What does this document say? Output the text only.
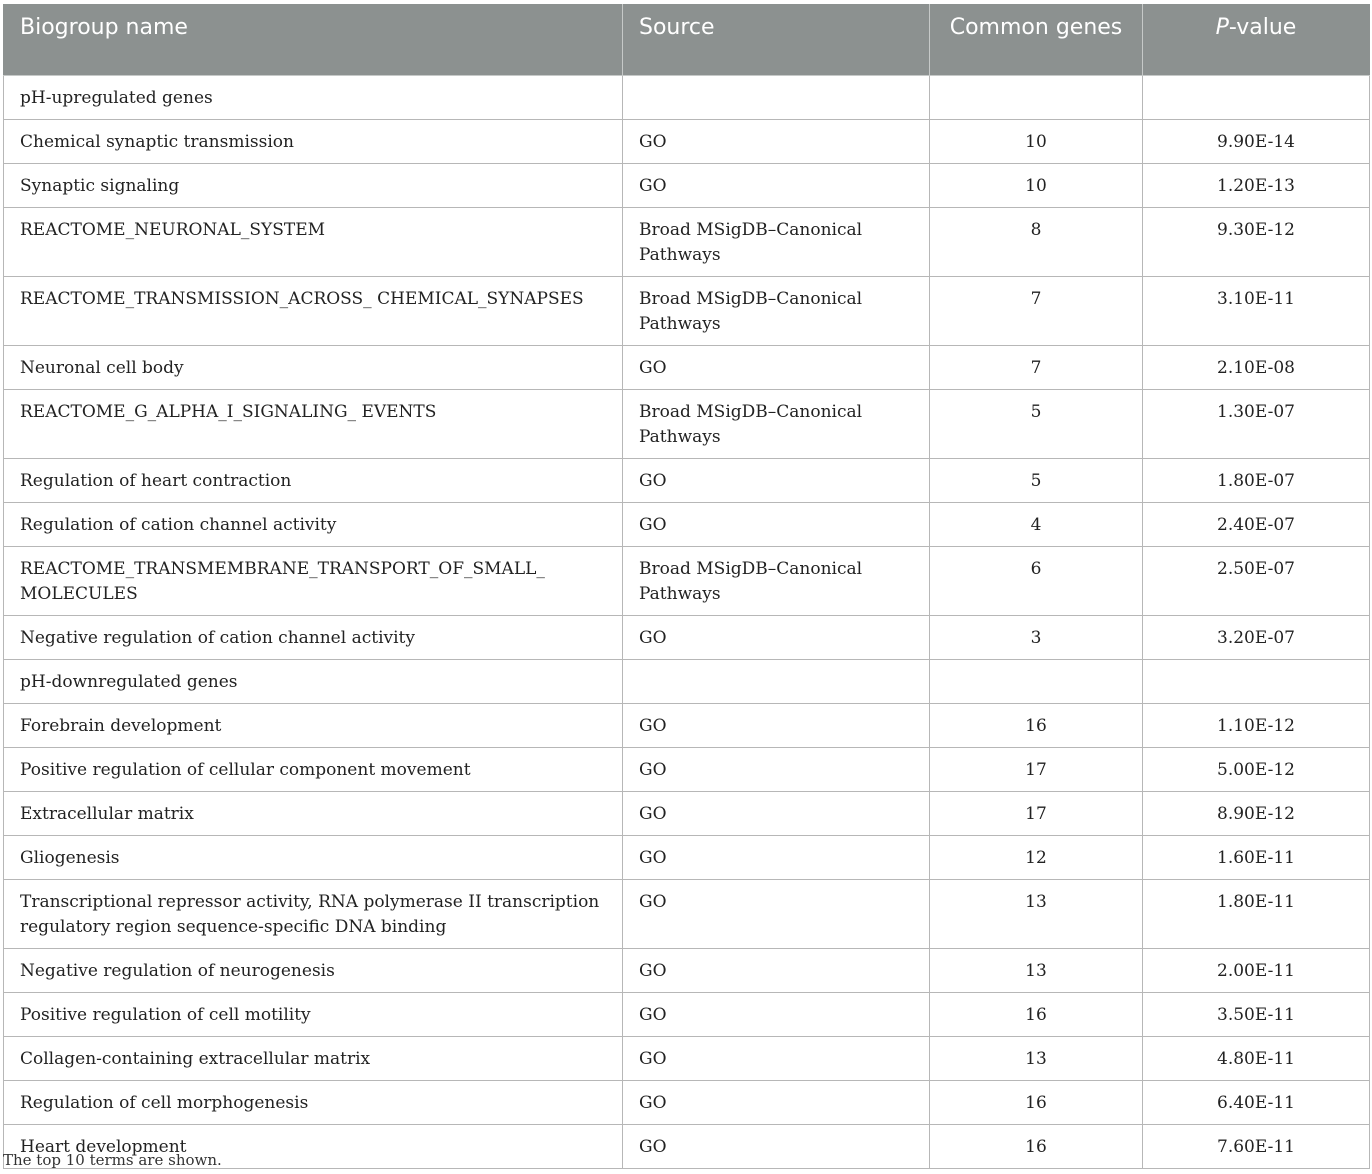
Biogroup name	Source	Common genes	P-value

pH-upregulated genes			
Chemical synaptic transmission	GO	10	9.90E-14
Synaptic signaling	GO	10	1.20E-13
REACTOME_NEURONAL_SYSTEM	Broad MSigDB–Canonical Pathways	8	9.30E-12
REACTOME_TRANSMISSION_ACROSS_ CHEMICAL_SYNAPSES	Broad MSigDB–Canonical Pathways	7	3.10E-11
Neuronal cell body	GO	7	2.10E-08
REACTOME_G_ALPHA_I_SIGNALING_ EVENTS	Broad MSigDB–Canonical Pathways	5	1.30E-07
Regulation of heart contraction	GO	5	1.80E-07
Regulation of cation channel activity	GO	4	2.40E-07
REACTOME_TRANSMEMBRANE_TRANSPORT_OF_SMALL_ MOLECULES	Broad MSigDB–Canonical Pathways	6	2.50E-07
Negative regulation of cation channel activity	GO	3	3.20E-07
pH-downregulated genes			
Forebrain development	GO	16	1.10E-12
Positive regulation of cellular component movement	GO	17	5.00E-12
Extracellular matrix	GO	17	8.90E-12
Gliogenesis	GO	12	1.60E-11
Transcriptional repressor activity, RNA polymerase II transcription regulatory region sequence-specific DNA binding	GO	13	1.80E-11
Negative regulation of neurogenesis	GO	13	2.00E-11
Positive regulation of cell motility	GO	16	3.50E-11
Collagen-containing extracellular matrix	GO	13	4.80E-11
Regulation of cell morphogenesis	GO	16	6.40E-11
Heart development	GO	16	7.60E-11
The top 10 terms are shown.
